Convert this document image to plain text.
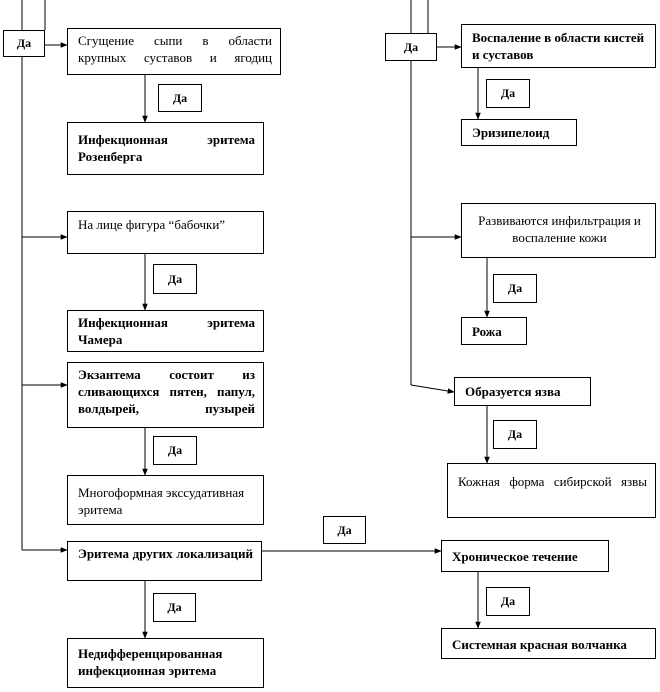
Да	Сгущение сыпи в области крупных суставов и ягодиц
Да
Инфекционная эритема Розенберга
На лице фигура “бабочки”
Да
Инфекционная эритема Чамера
Экзантема состоит из сливающихся пятен, папул, волдырей, пузырей
Да
Многоформная экссудативная эритема
Эритема других локализаций
Да
Недифференцированная инфекционная эритема
Да
Да
Воспаление в области кистей и суставов
Да
Эризипелоид
Развиваются инфильтрация и воспаление кожи
Да
Рожа
Образуется язва
Да
Кожная форма сибирской язвы
Хроническое течение
Да
Системная красная волчанка
